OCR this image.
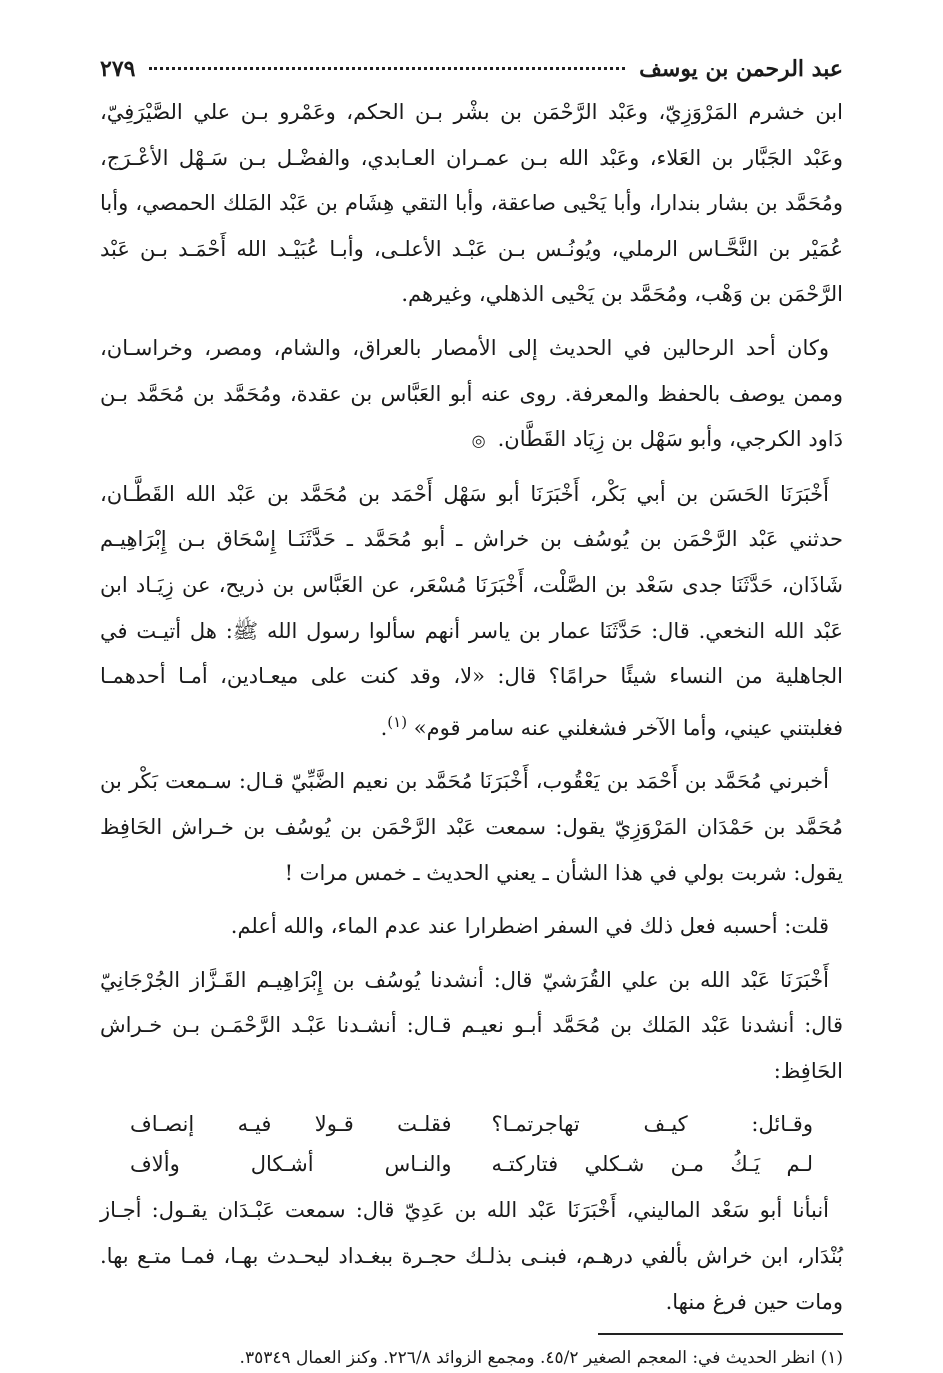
عبد الرحمن بن يوسف
٢٧٩

ابن خشرم المَرْوَزِيّ، وعَبْد الرَّحْمَن بن بشْر بـن الحكم، وعَمْرو بـن علي الصَّيْرَفِيّ، وعَبْد الجَبَّار بن العَلاء، وعَبْد الله بـن عمـران العـابدي، والفضْـل بـن سَـهْل الأعْـرَج، ومُحَمَّد بن بشار بندارا، وأبا يَحْيى صاعقة، وأبا التقي هِشَام بن عَبْد المَلك الحمصي، وأبا عُمَيْر بن النَّحَّـاس الرملي، ويُونُـس بـن عَبْـد الأعلـى، وأبـا عُبَيْـد الله أَحْمَـد بـن عَبْد الرَّحْمَن بن وَهْب، ومُحَمَّد بن يَحْيى الذهلي، وغيرهم.

وكان أحد الرحالين في الحديث إلى الأمصار بالعراق، والشام، ومصر، وخراسـان، وممن يوصف بالحفظ والمعرفة. روى عنه أبو العَبَّاس بن عقدة، ومُحَمَّد بن مُحَمَّد بـن دَاود الكرجي، وأبو سَهْل بن زِيَاد القَطَّان.◎

أَخْبَرَنَا الحَسَن بن أبي بَكْر، أَخْبَرَنَا أبو سَهْل أَحْمَد بن مُحَمَّد بن عَبْد الله القَطَّـان، حدثني عَبْد الرَّحْمَن بن يُوسُف بن خراش ـ أبو مُحَمَّد ـ حَدَّثَنَـا إِسْحَاق بـن إِبْرَاهِيـم شَاذَان، حَدَّثَنَا جدى سَعْد بن الصَّلْت، أَخْبَرَنَا مُسْعَر، عن العَبَّاس بن ذريح، عن زِيَـاد ابن عَبْد الله النخعي. قال: حَدَّثَنَا عمار بن ياسر أنهم سألوا رسول الله ﷺ: هل أتيـت في الجاهلية من النساء شيئًا حرامًا؟ قال: «لا، وقد كنت على ميعـادين، أمـا أحدهمـا فغلبتني عيني، وأما الآخر فشغلني عنه سامر قوم» $^{(١)}$.

أخبرني مُحَمَّد بن أَحْمَد بن يَعْقُوب، أَخْبَرَنَا مُحَمَّد بن نعيم الضَّبِّيّ قـال: سـمعت بَكْر بن مُحَمَّد بن حَمْدَان المَرْوَزِيّ يقول: سمعت عَبْد الرَّحْمَن بن يُوسُف بن خـراش الحَافِظ يقول: شربت بولي في هذا الشأن ـ يعني الحديث ـ خمس مرات !

قلت: أحسبه فعل ذلك في السفر اضطرارا عند عدم الماء، والله أعلم.

أَخْبَرَنَا عَبْد الله بن علي القُرَشيّ قال: أنشدنا يُوسُف بن إِبْرَاهِيـم القَـزَّاز الجُرْجَانِيّ قال: أنشدنا عَبْد المَلك بن مُحَمَّد أبـو نعيـم قـال: أنشـدنا عَبْـد الرَّحْمَـن بـن خـراش الحَافِظ:

وقـائل: كيـف تهاجرتمـا؟
فقلـت قـولا فيـه إنصـاف
لـم يَـكُ مـن شـكلي فتاركتـه
والنـاس أشـكال وألاف

أنبأنا أبو سَعْد الماليني، أَخْبَرَنَا عَبْد الله بن عَدِيّ قال: سمعت عَبْـدَان يقـول: أجـاز بُنْدَار، ابن خراش بألفي درهـم، فبنـى بذلـك حجـرة ببغـداد ليحـدث بهـا، فمـا متـع بها. ومات حين فرغ منها.

(١) انظر الحديث في: المعجم الصغير ٤٥/٢. ومجمع الزوائد ٢٢٦/٨. وكنز العمال ٣٥٣٤٩.
